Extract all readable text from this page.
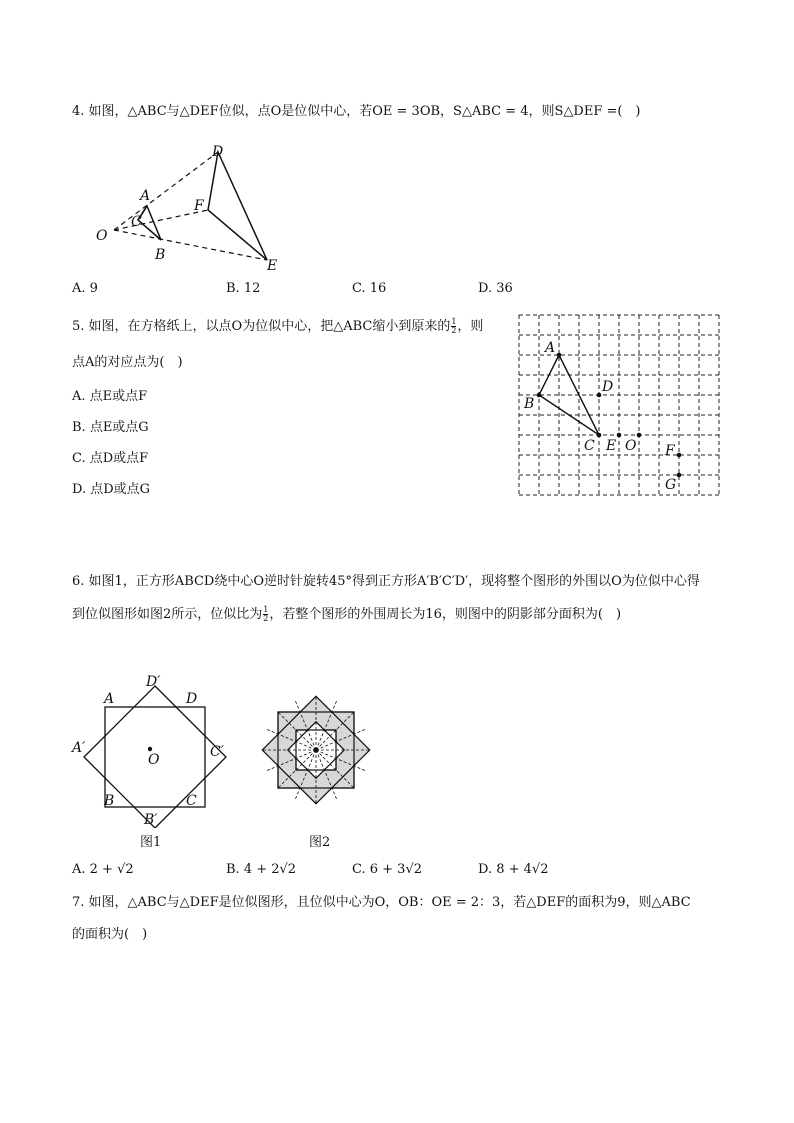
4. 如图，△ABC与△DEF位似，点O是位似中心，若OE = 3OB，S△ABC = 4，则S△DEF =(　)
O
A
C
B
D
F
E
A. 9	B. 12	C. 16	D. 36
5. 如图，在方格纸上，以点O为位似中心，把△ABC缩小到原来的 $\frac{1}{2}$ ，则
点A的对应点为(　)
A. 点E或点F
B. 点E或点G
C. 点D或点F
D. 点D或点G
A
B
C
D
E O F
G
6. 如图1，正方形ABCD绕中心O逆时针旋转45°得到正方形A′B′C′D′，现将整个图形的外围以O为位似中心得
到位似图形如图2所示，位似比为 $\frac{1}{2}$ ，若整个图形的外围周长为16，则图中的阴影部分面积为(　)
A
D′
D
A′	C′
O
B	C
B′
图1	图2
A. 2 + √2	B. 4 + 2√2	C. 6 + 3√2	D. 8 + 4√2
7. 如图，△ABC与△DEF是位似图形，且位似中心为O，OB：OE = 2：3，若△DEF的面积为9，则△ABC
的面积为(　)
